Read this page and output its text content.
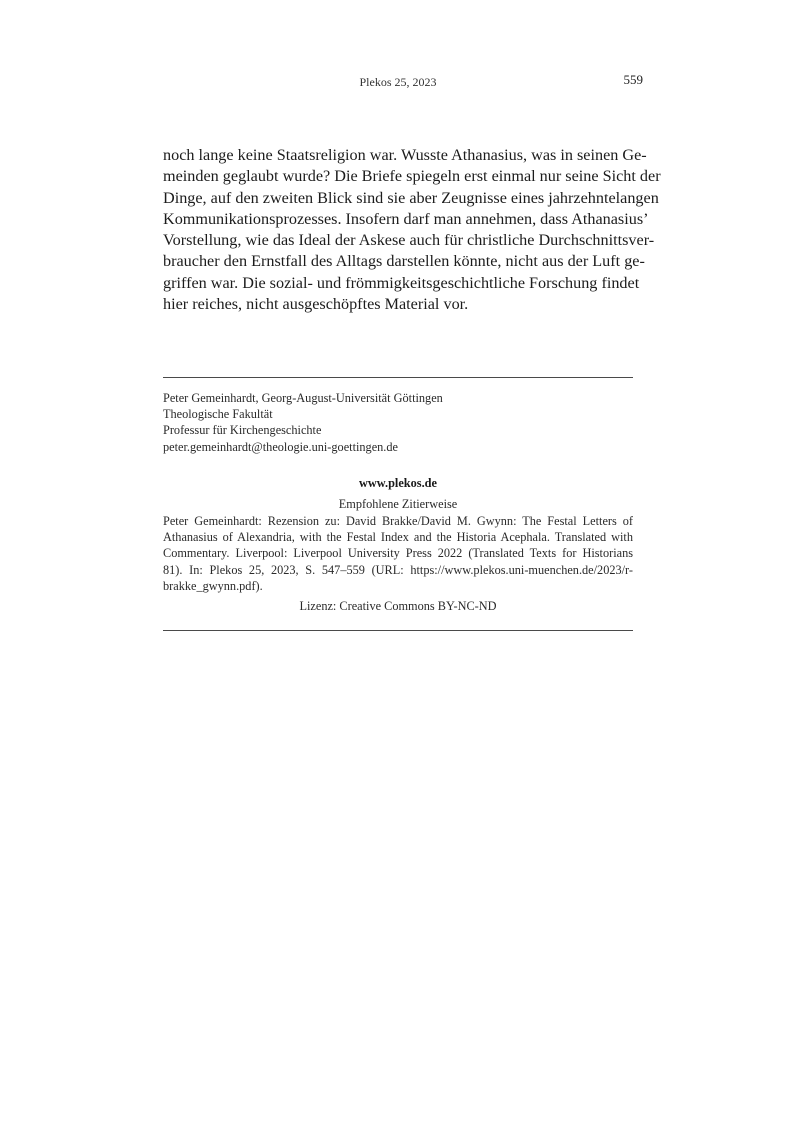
Plekos 25, 2023	559
noch lange keine Staatsreligion war. Wusste Athanasius, was in seinen Ge-
meinden geglaubt wurde? Die Briefe spiegeln erst einmal nur seine Sicht der
Dinge, auf den zweiten Blick sind sie aber Zeugnisse eines jahrzehntelangen
Kommunikationsprozesses. Insofern darf man annehmen, dass Athanasius’
Vorstellung, wie das Ideal der Askese auch für christliche Durchschnittsver-
braucher den Ernstfall des Alltags darstellen könnte, nicht aus der Luft ge-
griffen war. Die sozial- und frömmigkeitsgeschichtliche Forschung findet
hier reiches, nicht ausgeschöpftes Material vor.
Peter Gemeinhardt, Georg-August-Universität Göttingen
Theologische Fakultät
Professur für Kirchengeschichte
peter.gemeinhardt@theologie.uni-goettingen.de
www.plekos.de
Empfohlene Zitierweise
Peter Gemeinhardt: Rezension zu: David Brakke/David M. Gwynn: The Festal Letters of
Athanasius of Alexandria, with the Festal Index and the Historia Acephala. Translated with
Commentary. Liverpool: Liverpool University Press 2022 (Translated Texts for Historians
81). In: Plekos 25, 2023, S. 547–559 (URL: https://www.plekos.uni-muenchen.de/2023/r-
brakke_gwynn.pdf).
Lizenz: Creative Commons BY-NC-ND
